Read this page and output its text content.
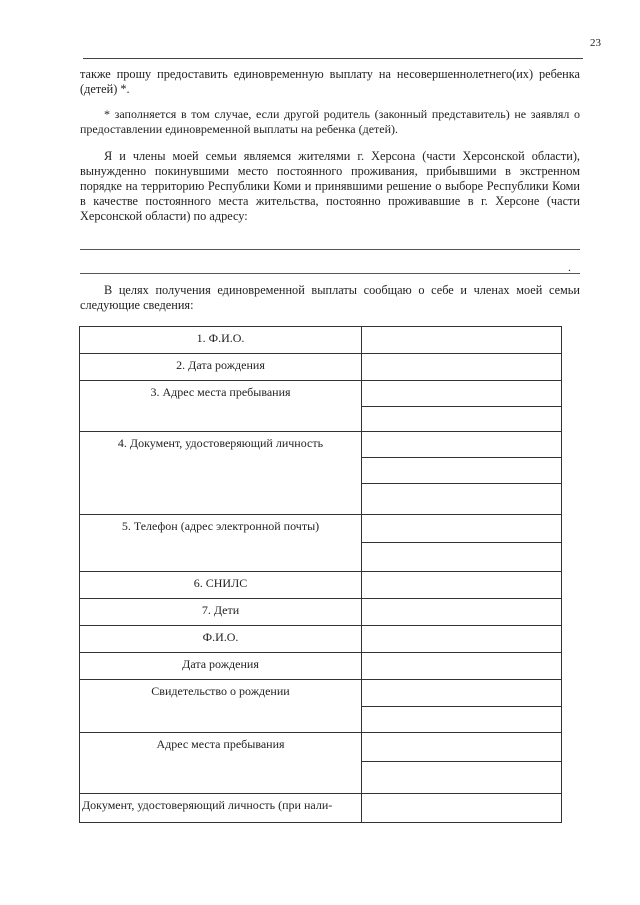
23

также прошу предоставить единовременную выплату на несовершеннолетнего(их) ребенка (детей) *.

* заполняется в том случае, если другой родитель (законный представитель) не заявлял о предоставлении единовременной выплаты на ребенка (детей).

Я и члены моей семьи являемся жителями г. Херсона (части Херсонской области), вынужденно покинувшими место постоянного проживания, прибывшими в экстренном порядке на территорию Республики Коми и принявшими решение о выборе Республики Коми в качестве постоянного места жительства, постоянно проживавшие в г. Херсоне (части Херсонской области) по адресу:

.

В целях получения единовременной выплаты сообщаю о себе и членах моей семьи следующие сведения:

1. Ф.И.О.	
2. Дата рождения	
3. Адрес места пребывания	

4. Документ, удостоверяющий личность	

5. Телефон (адрес электронной почты)	

6. СНИЛС	
7. Дети	
Ф.И.О.	
Дата рождения	
Свидетельство о рождении	

Адрес места пребывания	

Документ, удостоверяющий личность (при нали-	
